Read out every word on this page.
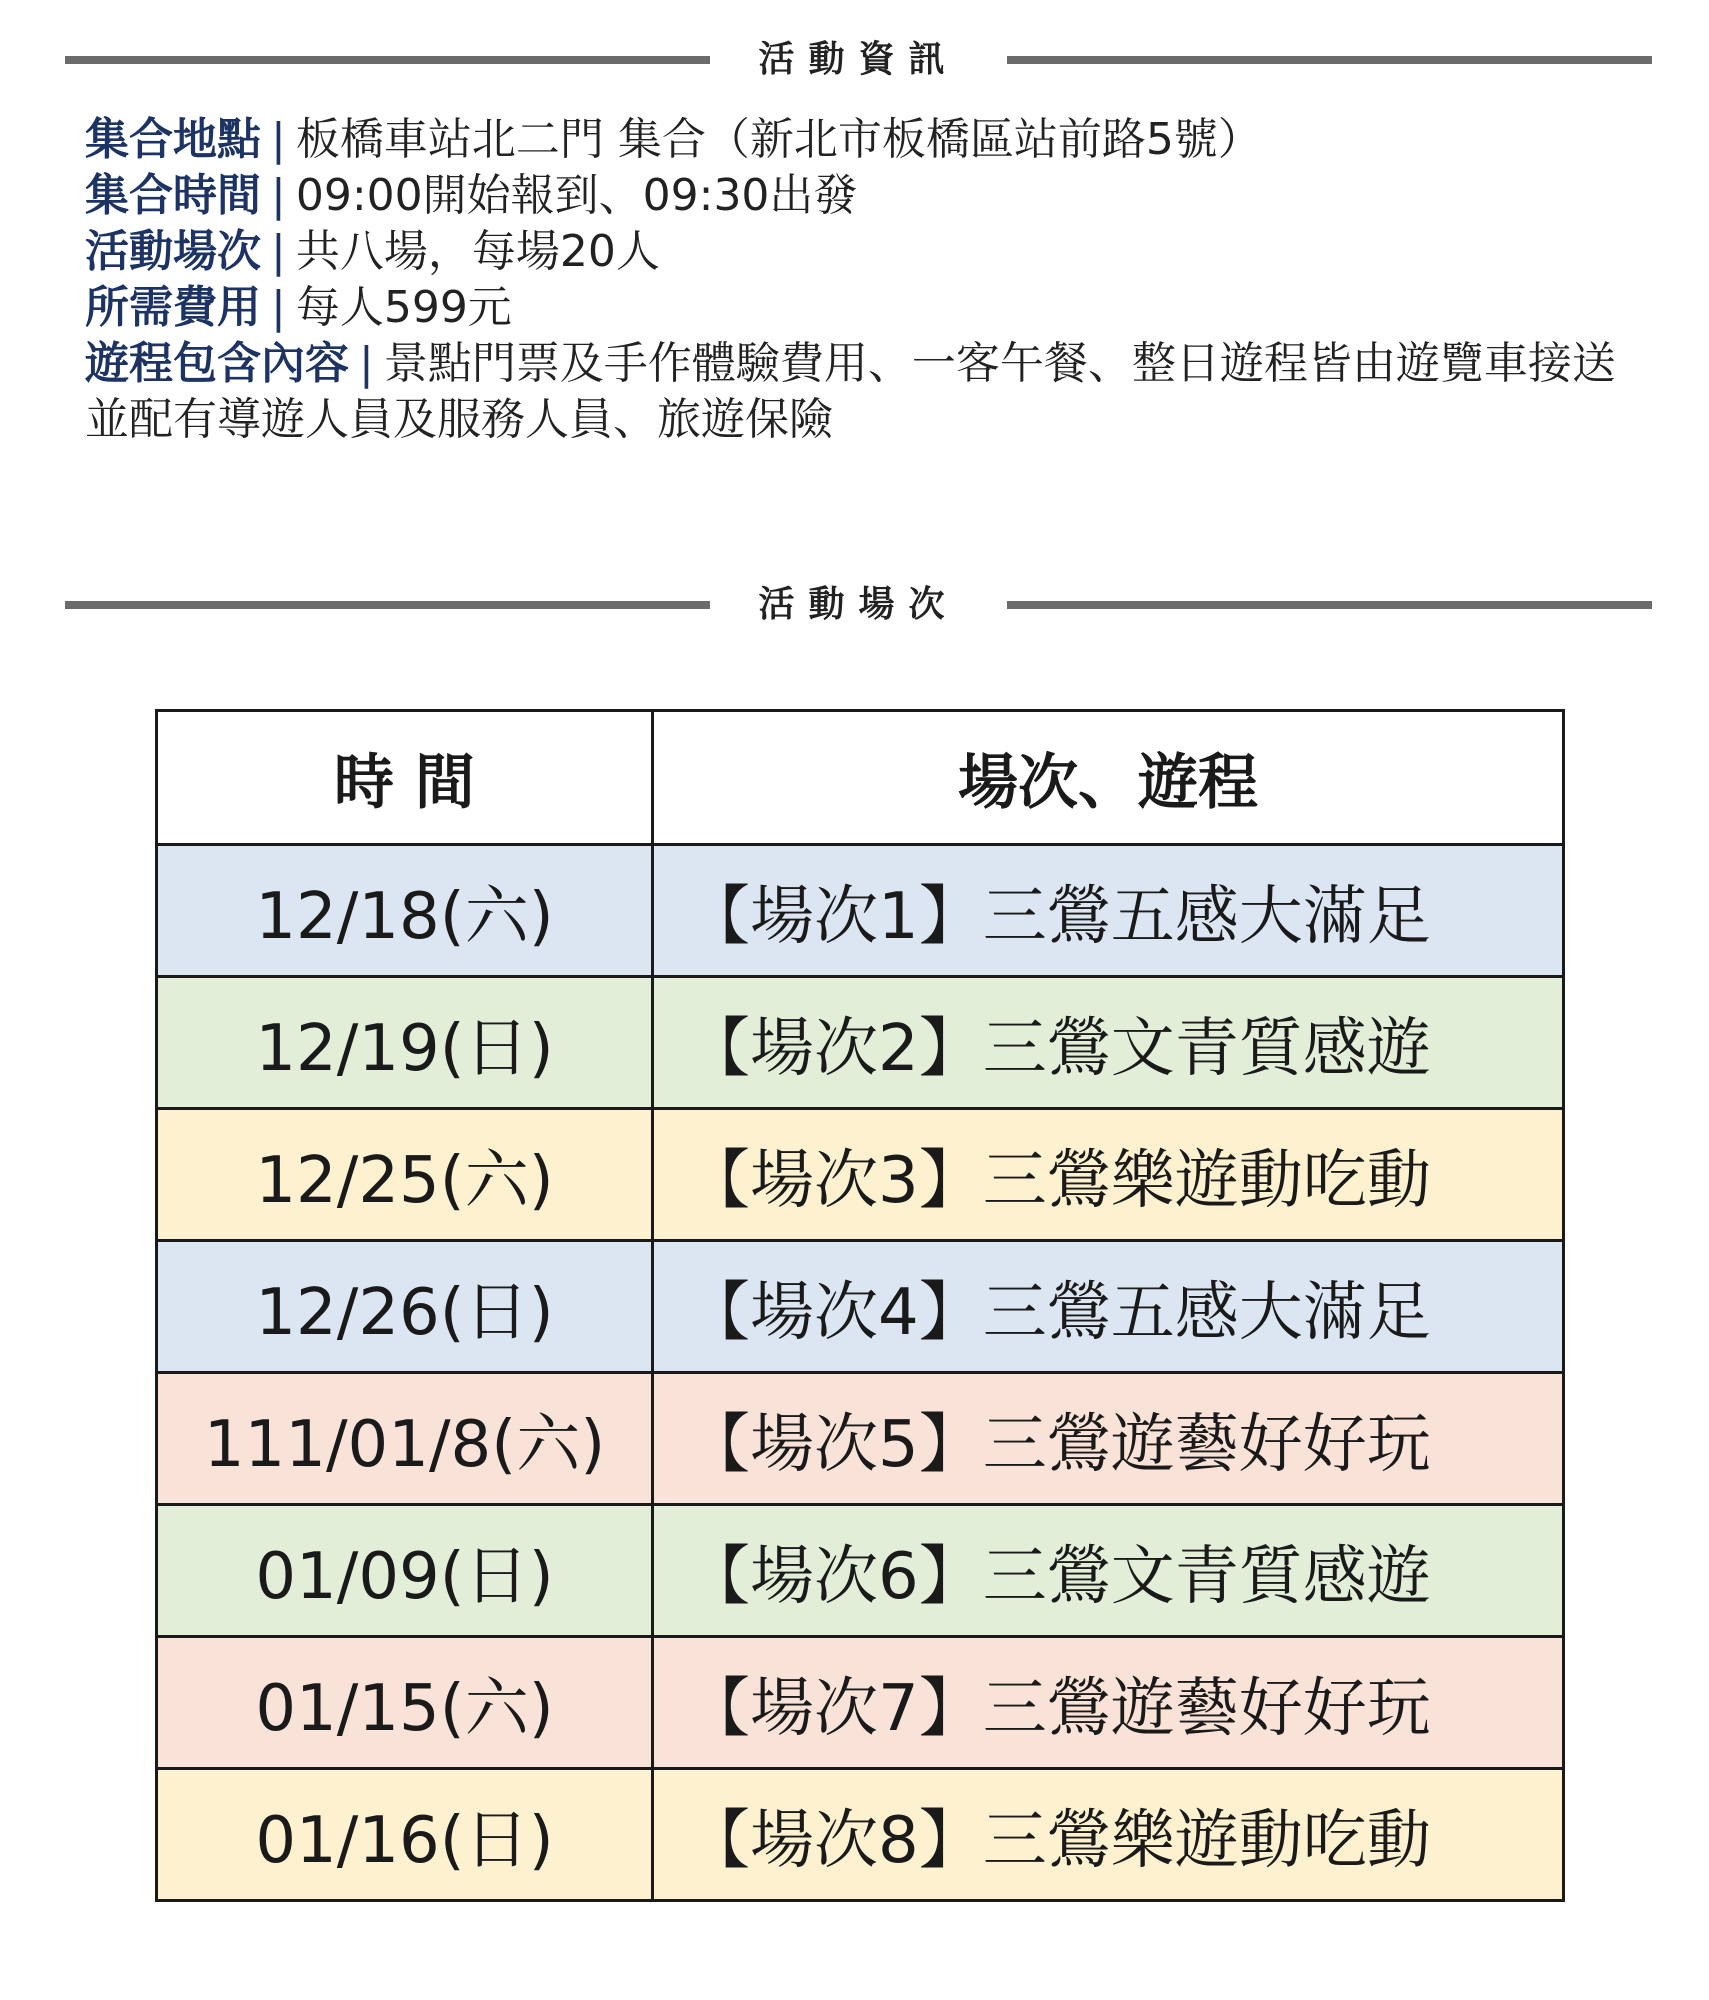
活動資訊
集合地點 | 板橋車站北二門 集合（新北市板橋區站前路5號）
集合時間 | 09:00開始報到、09:30出發
活動場次 | 共八場，每場20人
所需費用 | 每人599元
遊程包含內容 | 景點門票及手作體驗費用、一客午餐、整日遊程皆由遊覽車接送並配有導遊人員及服務人員、旅遊保險
活動場次
時 間	場次、遊程
12/18(六)	【場次1】三鶯五感大滿足
12/19(日)	【場次2】三鶯文青質感遊
12/25(六)	【場次3】三鶯樂遊動吃動
12/26(日)	【場次4】三鶯五感大滿足
111/01/8(六)	【場次5】三鶯遊藝好好玩
01/09(日)	【場次6】三鶯文青質感遊
01/15(六)	【場次7】三鶯遊藝好好玩
01/16(日)	【場次8】三鶯樂遊動吃動
